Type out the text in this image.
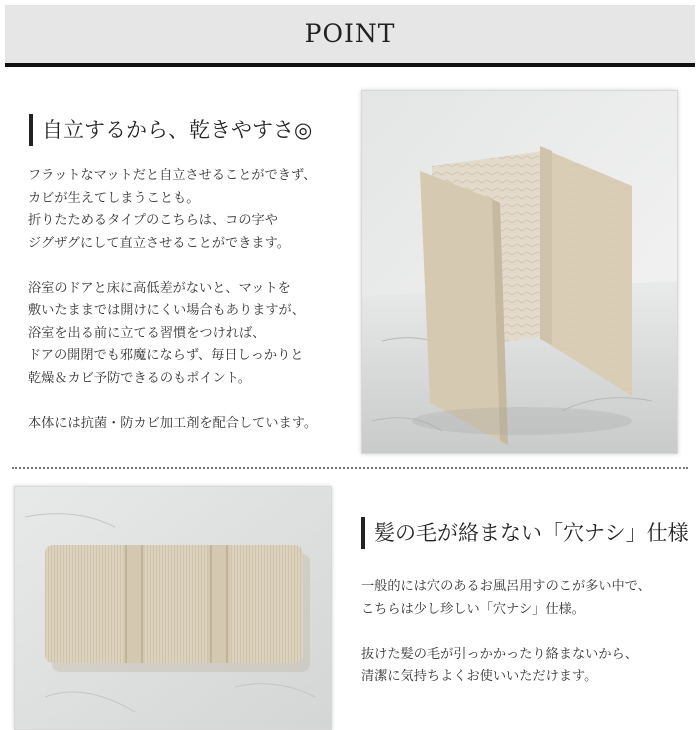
POINT
自立するから、乾きやすさ◎
フラットなマットだと自立させることができず、
カビが生えてしまうことも。
折りたためるタイプのこちらは、コの字や
ジグザグにして直立させることができます。
浴室のドアと床に高低差がないと、マットを
敷いたままでは開けにくい場合もありますが、
浴室を出る前に立てる習慣をつければ、
ドアの開閉でも邪魔にならず、毎日しっかりと
乾燥＆カビ予防できるのもポイント。
本体には抗菌・防カビ加工剤を配合しています。
髪の毛が絡まない「穴ナシ」仕様
一般的には穴のあるお風呂用すのこが多い中で、
こちらは少し珍しい「穴ナシ」仕様。
抜けた髪の毛が引っかかったり絡まないから、
清潔に気持ちよくお使いいただけます。
